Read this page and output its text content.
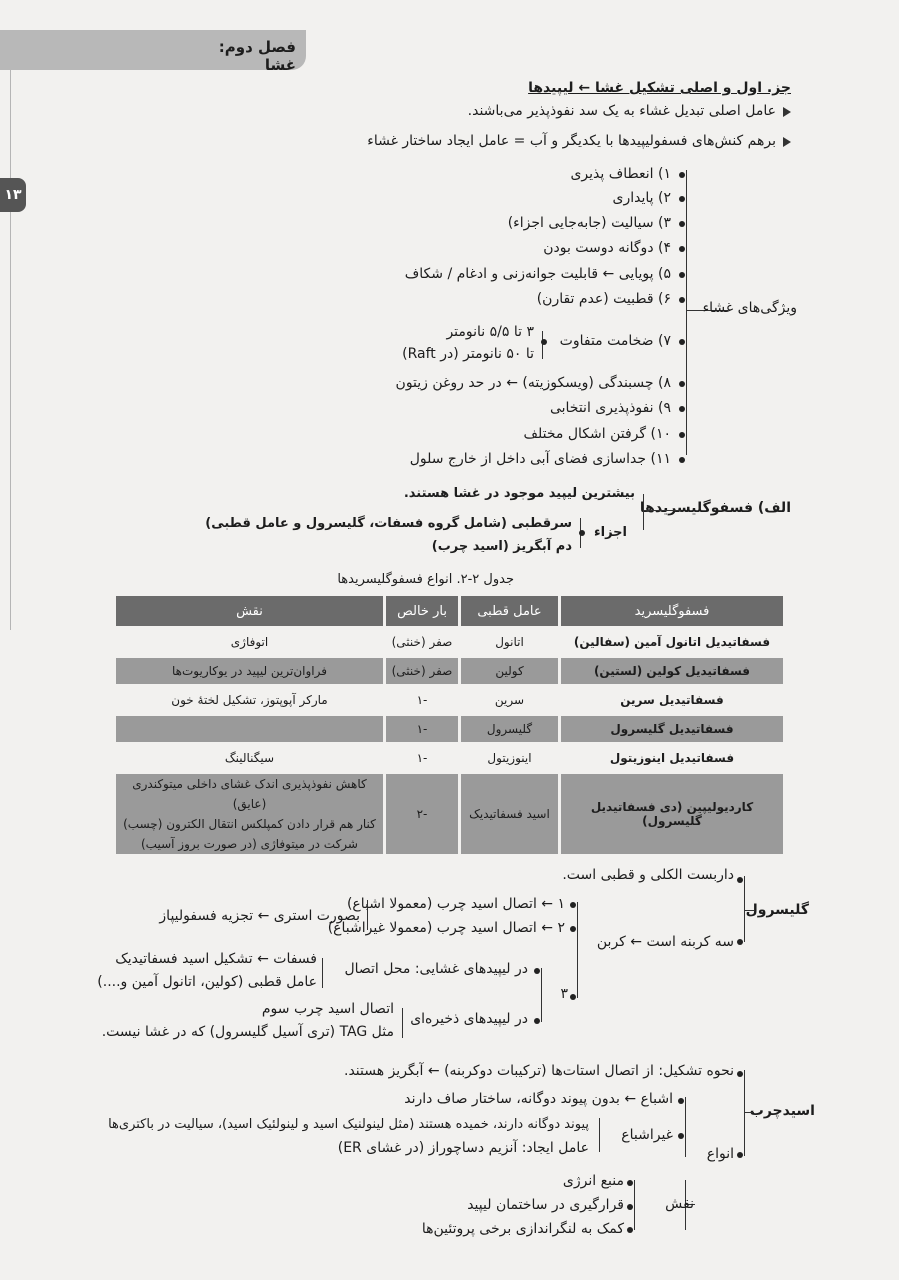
فصل دوم: غشا
۱۳
جز. اول و اصلی تشکیل غشا ← لیپیدها
عامل اصلی تبدیل غشاء به یک سد نفوذپذیر می‌باشند.
برهم کنش‌های فسفولیپیدها با یکدیگر و آب = عامل ایجاد ساختار غشاء
ویژگی‌های غشاء
۱) انعطاف پذیری
۲) پایداری
۳) سیالیت (جابه‌جایی اجزاء)
۴) دوگانه دوست بودن
۵) پویایی ← قابلیت جوانه‌زنی و ادغام / شکاف
۶) قطبیت (عدم تقارن)
۷) ضخامت متفاوت
۸) چسبندگی (ویسکوزیته) ← در حد روغن زیتون
۹) نفوذپذیری انتخابی
۱۰) گرفتن اشکال مختلف
۱۱) جداسازی فضای آبی داخل از خارج سلول
۳ تا ۵/۵ نانومتر
تا ۵۰ نانومتر (در Raft)
الف) فسفوگلیسریدها
بیشترین لیپید موجود در غشا هستند.
اجزاء
سرقطبی (شامل گروه فسفات، گلیسرول و عامل قطبی)
دم آبگریز (اسید چرب)
جدول ۲-۲. انواع فسفوگلیسریدها
فسفوگلیسرید	عامل قطبی	بار خالص	نقش
فسفاتیدیل اتانول آمین (سفالین)	اتانول	صفر (خنثی)	اتوفاژی
فسفاتیدیل کولین (لستین)	کولین	صفر (خنثی)	فراوان‌ترین لیپید در یوکاریوت‌ها
فسفاتیدیل سرین	سرین	-۱	مارکر آپوپتوز، تشکیل لختهٔ خون
فسفاتیدیل گلیسرول	گلیسرول	-۱	
فسفاتیدیل اینوزیتول	اینوزیتول	-۱	سیگنالینگ
کاردیولیپین (دی فسفاتیدیل گلیسرول)	اسید فسفاتیدیک	-۲	کاهش نفوذپذیری اندک غشای داخلی میتوکندری (عایق)
کنار هم قرار دادن کمپلکس انتقال الکترون (چسب)
شرکت در میتوفاژی (در صورت بروز آسیب)
گلیسرول
داربست الکلی و قطبی است.
سه کربنه است ← کربن
۱ ← اتصال اسید چرب (معمولا اشباع)
۲ ← اتصال اسید چرب (معمولا غیراشباع)
بصورت استری ← تجزیه فسفولیپاز
۳
در لیپیدهای غشایی: محل اتصال
فسفات ← تشکیل اسید فسفاتیدیک
عامل قطبی (کولین، اتانول آمین و....)
در لیپیدهای ذخیره‌ای
اتصال اسید چرب سوم
مثل TAG (تری آسیل گلیسرول) که در غشا نیست.
اسیدچرب
نحوه تشکیل: از اتصال استات‌ها (ترکیبات دوکربنه) ← آبگریز هستند.
انواع
اشباع ← بدون پیوند دوگانه، ساختار صاف دارند
غیراشباع
پیوند دوگانه دارند، خمیده هستند (مثل لینولنیک اسید و لینولئیک اسید)، سیالیت در باکتری‌ها
عامل ایجاد: آنزیم دساچوراز (در غشای ER)
نقش
منبع انرژی
قرارگیری در ساختمان لیپید
کمک به لنگراندازی برخی پروتئین‌ها
